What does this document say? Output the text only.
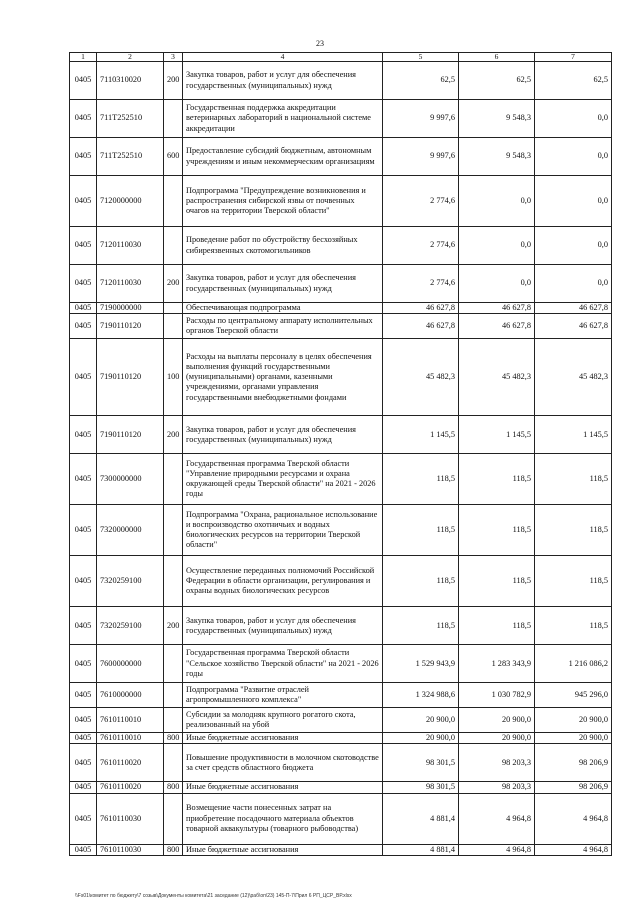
23
1	2	3	4	5	6	7
0405	7110310020	200	Закупка товаров, работ и услуг для обеспечения государственных (муниципальных) нужд	62,5	62,5	62,5
0405	711Т252510		Государственная поддержка аккредитации ветеринарных лабораторий в национальной системе аккредитации	9 997,6	9 548,3	0,0
0405	711Т252510	600	Предоставление субсидий бюджетным, автономным учреждениям и иным некоммерческим организациям	9 997,6	9 548,3	0,0
0405	7120000000		Подпрограмма "Предупреждение возникновения и распространения сибирской язвы от почвенных очагов на территории Тверской области"	2 774,6	0,0	0,0
0405	7120110030		Проведение работ по обустройству бесхозяйных сибиреязвенных скотомогильников	2 774,6	0,0	0,0
0405	7120110030	200	Закупка товаров, работ и услуг для обеспечения государственных (муниципальных) нужд	2 774,6	0,0	0,0
0405	7190000000		Обеспечивающая подпрограмма	46 627,8	46 627,8	46 627,8
0405	7190110120		Расходы по центральному аппарату исполнительных органов Тверской области	46 627,8	46 627,8	46 627,8
0405	7190110120	100	Расходы на выплаты персоналу в целях обеспечения выполнения функций государственными (муниципальными) органами, казенными учреждениями, органами управления государственными внебюджетными фондами	45 482,3	45 482,3	45 482,3
0405	7190110120	200	Закупка товаров, работ и услуг для обеспечения государственных (муниципальных) нужд	1 145,5	1 145,5	1 145,5
0405	7300000000		Государственная программа Тверской области "Управление природными ресурсами и охрана окружающей среды Тверской области" на 2021 - 2026 годы	118,5	118,5	118,5
0405	7320000000		Подпрограмма "Охрана, рациональное использование и воспроизводство охотничьих и водных биологических ресурсов на территории Тверской области"	118,5	118,5	118,5
0405	7320259100		Осуществление переданных полномочий Российской Федерации в области организации, регулирования и охраны водных биологических ресурсов	118,5	118,5	118,5
0405	7320259100	200	Закупка товаров, работ и услуг для обеспечения государственных (муниципальных) нужд	118,5	118,5	118,5
0405	7600000000		Государственная программа Тверской области "Сельское хозяйство Тверской области" на 2021 - 2026 годы	1 529 943,9	1 283 343,9	1 216 086,2
0405	7610000000		Подпрограмма "Развитие отраслей агропромышленного комплекса"	1 324 988,6	1 030 782,9	945 296,0
0405	7610110010		Субсидии за молодняк крупного рогатого скота, реализованный на убой	20 900,0	20 900,0	20 900,0
0405	7610110010	800	Иные бюджетные ассигнования	20 900,0	20 900,0	20 900,0
0405	7610110020		Повышение продуктивности в молочном скотоводстве за счет средств областного бюджета	98 301,5	98 203,3	98 206,9
0405	7610110020	800	Иные бюджетные ассигнования	98 301,5	98 203,3	98 206,9
0405	7610110030		Возмещение части понесенных затрат на приобретение посадочного материала объектов товарной аквакультуры (товарного рыбоводства)	4 881,4	4 964,8	4 964,8
0405	7610110030	800	Иные бюджетные ассигнования	4 881,4	4 964,8	4 964,8
\\Fs01\комитет по бюджету\7 созыв\Документы комитета\21 заседание (12)\раб\оп\23) 145-П-7\Прил 6 РП_ЦСР_ВР.xlsx
